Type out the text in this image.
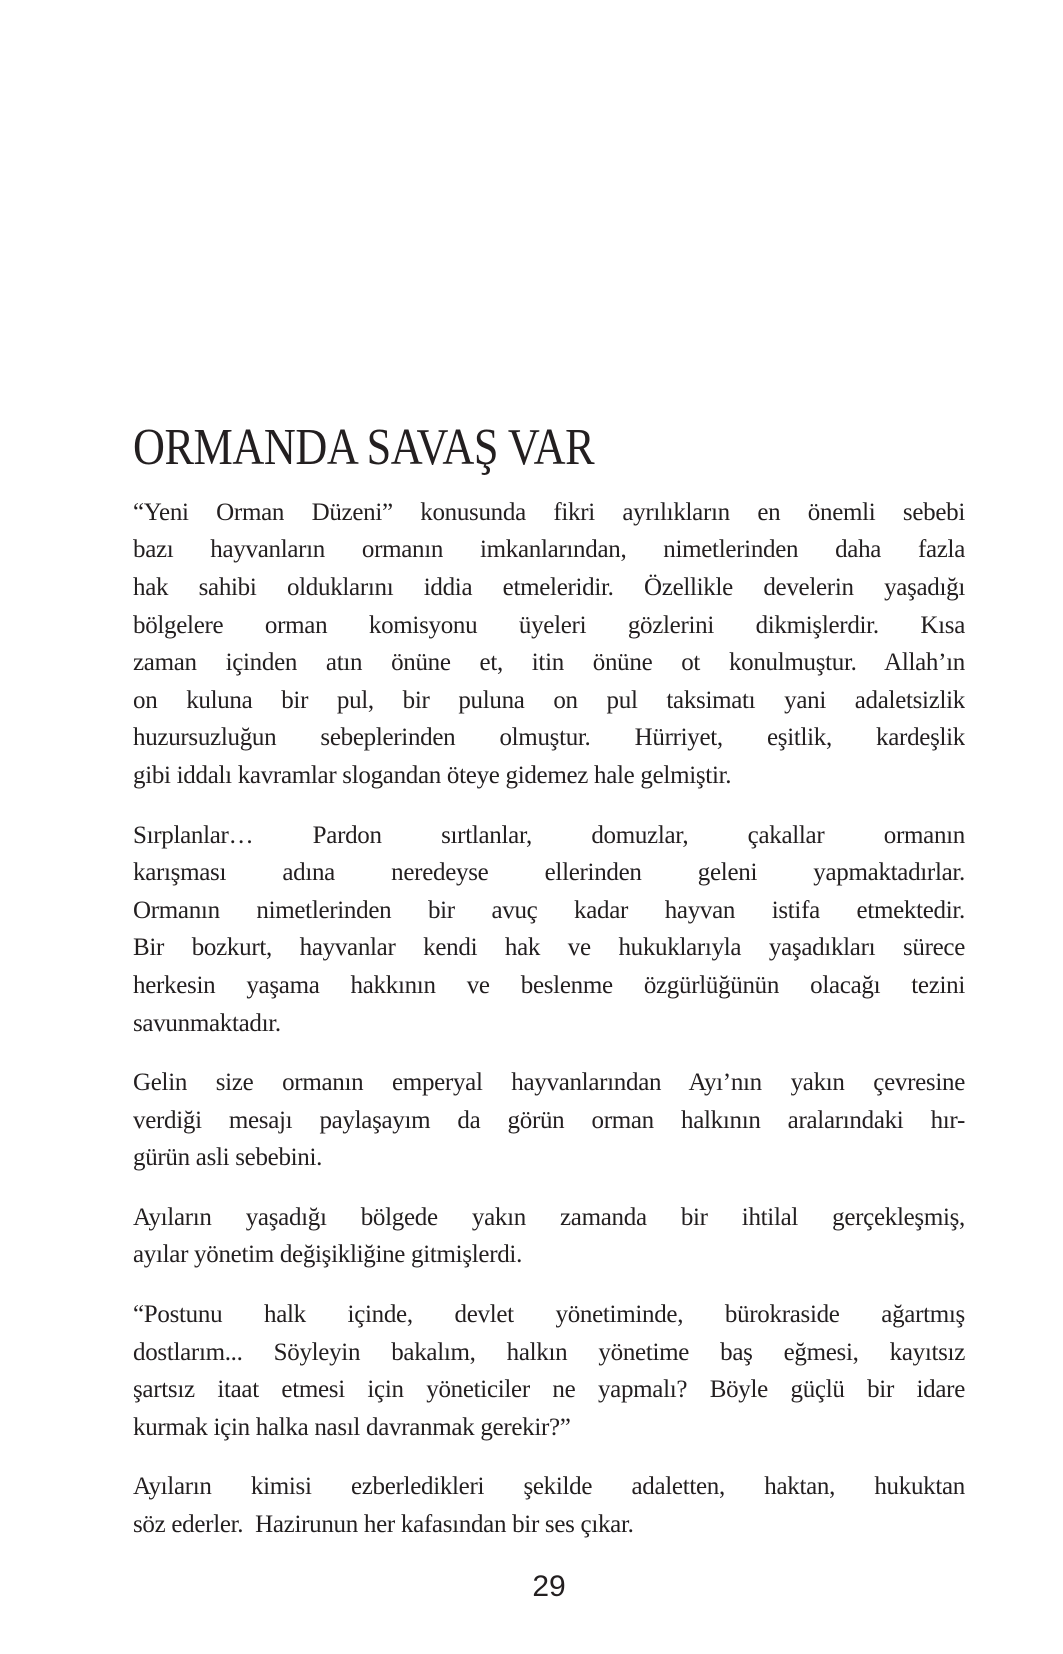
ORMANDA SAVAŞ VAR
“Yeni Orman Düzeni” konusunda fikri ayrılıkların en önemli sebebi
bazı hayvanların ormanın imkanlarından, nimetlerinden daha fazla
hak sahibi olduklarını iddia etmeleridir. Özellikle develerin yaşadığı
bölgelere orman komisyonu üyeleri gözlerini dikmişlerdir. Kısa
zaman içinden atın önüne et, itin önüne ot konulmuştur. Allah’ın
on kuluna bir pul, bir puluna on pul taksimatı yani adaletsizlik
huzursuzluğun sebeplerinden olmuştur. Hürriyet, eşitlik, kardeşlik
gibi iddalı kavramlar slogandan öteye gidemez hale gelmiştir.
Sırplanlar… Pardon sırtlanlar, domuzlar, çakallar ormanın
karışması adına neredeyse ellerinden geleni yapmaktadırlar.
Ormanın nimetlerinden bir avuç kadar hayvan istifa etmektedir.
Bir bozkurt, hayvanlar kendi hak ve hukuklarıyla yaşadıkları sürece
herkesin yaşama hakkının ve beslenme özgürlüğünün olacağı tezini
savunmaktadır.
Gelin size ormanın emperyal hayvanlarından Ayı’nın yakın çevresine
verdiği mesajı paylaşayım da görün orman halkının aralarındaki hır-
gürün asli sebebini.
Ayıların yaşadığı bölgede yakın zamanda bir ihtilal gerçekleşmiş,
ayılar yönetim değişikliğine gitmişlerdi.
“Postunu halk içinde, devlet yönetiminde, bürokraside ağartmış
dostlarım... Söyleyin bakalım, halkın yönetime baş eğmesi, kayıtsız
şartsız itaat etmesi için yöneticiler ne yapmalı? Böyle güçlü bir idare
kurmak için halka nasıl davranmak gerekir?”
Ayıların kimisi ezberledikleri şekilde adaletten, haktan, hukuktan
söz ederler.  Hazirunun her kafasından bir ses çıkar.
29
